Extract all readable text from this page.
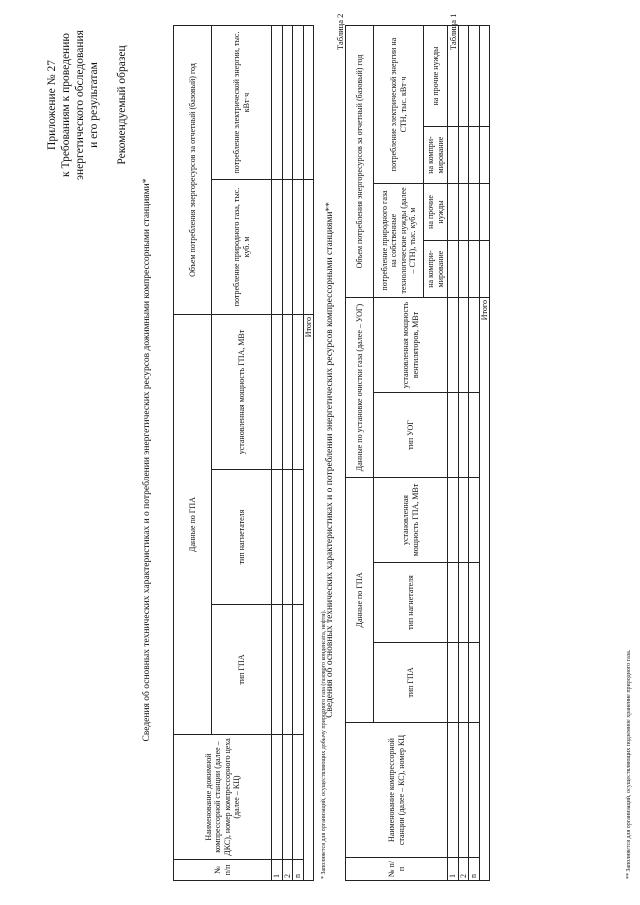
Приложение № 27 к Требованиям к проведению энергетического обследования и его результатам Рекомендуемый образец
Таблица 1
Сведения об основных технических характеристиках и о потреблении энергетических ресурсов дожимными компрессорными станциями*
№ п/п	Наименование дожимной компрессорной станции (далее – ДКС), номер компрессорного цеха (далее – КЦ)	Данные по ГПА			Объем потребления энергоресурсов за отчетный (базовый) год	
		тип ГПА	тип нагнетателя	установленная мощность ГПА, МВт	потребление природного газа, тыс. куб. м	потребление электрической энергии, тыс. кВт·ч
1						
2						
n						
Итого						
* Заполняется для организаций, осуществляющих добычу природного газа (газового конденсата, нефти).
Таблица 2
Сведения об основных технических характеристиках и о потреблении энергетических ресурсов компрессорными станциями**
№ п/п	Наименование компрессорной станции (далее – КС), номер КЦ	Данные по ГПА			Данные по установке очистки газа (далее – УОГ)		Объем потребления энергоресурсов за отчетный (базовый) год			
		тип ГПА	тип нагнетателя	установленная мощность ГПА, МВт	тип УОГ	установленная мощность вентиляторов, МВт	потребление природного газа на собственные технологические нужды (далее – СТН), тыс. куб. м		потребление электрической энергии на СТН, тыс. кВт·ч	
							на компри-мирование	на прочие нужды	на компри-мирование	на прочие нужды
1										
2										
n										
Итого										
** Заполняется для организаций, осуществляющих подземное хранение природного газа.
